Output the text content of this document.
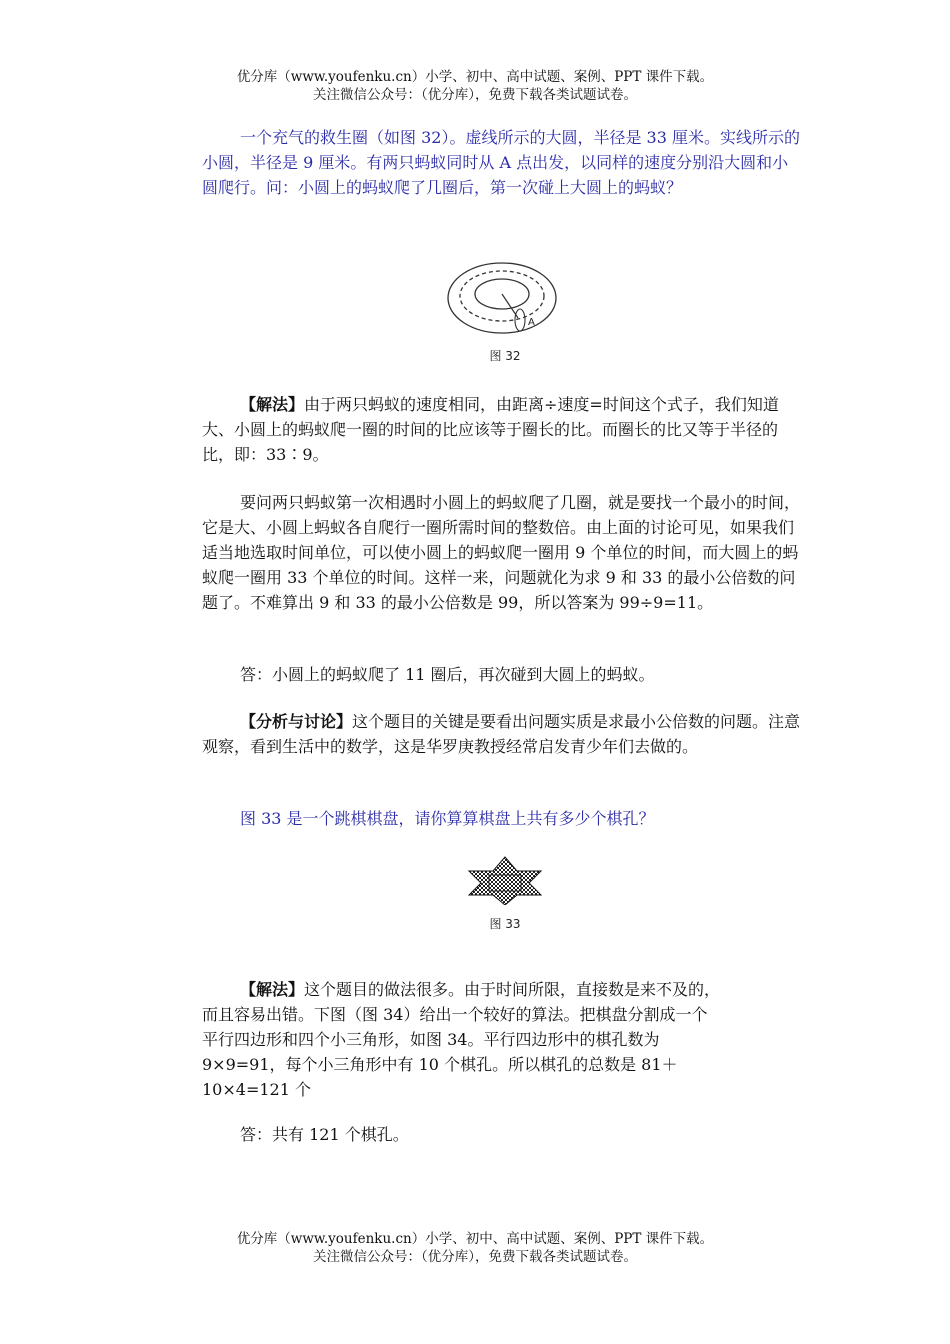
优分库（www.youfenku.cn）小学、初中、高中试题、案例、PPT 课件下载。
关注微信公众号：（优分库），免费下载各类试题试卷。
一个充气的救生圈（如图 32）。虚线所示的大圆，半径是 33 厘米。实线所示的小圆，半径是 9 厘米。有两只蚂蚁同时从 A 点出发，以同样的速度分别沿大圆和小圆爬行。问：小圆上的蚂蚁爬了几圈后，第一次碰上大圆上的蚂蚁？
A
图 32
【解法】由于两只蚂蚁的速度相同，由距离÷速度=时间这个式子，我们知道大、小圆上的蚂蚁爬一圈的时间的比应该等于圈长的比。而圈长的比又等于半径的比，即：33∶9。
要问两只蚂蚁第一次相遇时小圆上的蚂蚁爬了几圈，就是要找一个最小的时间，它是大、小圆上蚂蚁各自爬行一圈所需时间的整数倍。由上面的讨论可见，如果我们适当地选取时间单位，可以使小圆上的蚂蚁爬一圈用 9 个单位的时间，而大圆上的蚂蚁爬一圈用 33 个单位的时间。这样一来，问题就化为求 9 和 33 的最小公倍数的问题了。不难算出 9 和 33 的最小公倍数是 99，所以答案为 99÷9=11。
答：小圆上的蚂蚁爬了 11 圈后，再次碰到大圆上的蚂蚁。
【分析与讨论】这个题目的关键是要看出问题实质是求最小公倍数的问题。注意观察，看到生活中的数学，这是华罗庚教授经常启发青少年们去做的。
图 33 是一个跳棋棋盘，请你算算棋盘上共有多少个棋孔？
图 33
【解法】这个题目的做法很多。由于时间所限，直接数是来不及的，
而且容易出错。下图（图 34）给出一个较好的算法。把棋盘分割成一个
平行四边形和四个小三角形，如图 34。平行四边形中的棋孔数为
9×9=91，每个小三角形中有 10 个棋孔。所以棋孔的总数是 81＋
10×4=121 个
答：共有 121 个棋孔。
优分库（www.youfenku.cn）小学、初中、高中试题、案例、PPT 课件下载。
关注微信公众号：（优分库），免费下载各类试题试卷。
